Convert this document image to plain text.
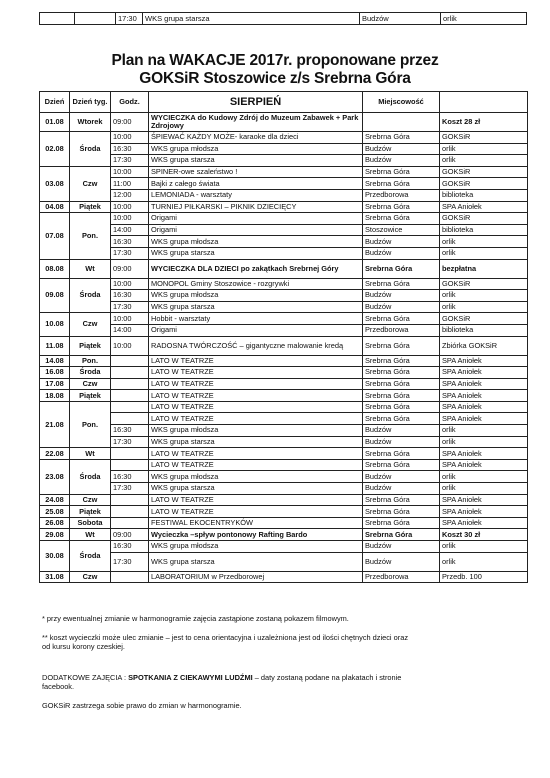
		17:30	WKS grupa starsza	Budzów	orlik
Plan na WAKACJE 2017r. proponowane przez
GOKSiR Stoszowice z/s Srebrna Góra
Dzień	Dzień tyg.	Godz.	SIERPIEŃ	Miejscowość	
01.08	Wtorek	09:00	WYCIECZKA do Kudowy Zdrój do Muzeum Zabawek + Park Zdrojowy		Koszt 28 zł
02.08	Środa	10:00	ŚPIEWAĆ KAŻDY MOŻE- karaoke dla dzieci	Srebrna Góra	GOKSiR
		16:30	WKS grupa młodsza	Budzów	orlik
		17:30	WKS grupa starsza	Budzów	orlik
03.08	Czw	10:00	SPINER-owe szaleństwo !	Srebrna Góra	GOKSiR
		11:00	Bajki z całego świata	Srebrna Góra	GOKSiR
		12:00	LEMONIADA - warsztaty	Przedborowa	biblioteka
04.08	Piątek	10:00	TURNIEJ PIŁKARSKI – PIKNIK DZIECIĘCY	Srebrna Góra	SPA Aniołek
07.08	Pon.	10:00	Origami	Srebrna Góra	GOKSiR
		14:00	Origami	Stoszowice	biblioteka
		16:30	WKS grupa młodsza	Budzów	orlik
		17:30	WKS grupa starsza	Budzów	orlik
08.08	Wt	09:00	WYCIECZKA DLA DZIECI po zakątkach Srebrnej Góry	Srebrna Góra	bezpłatna
09.08	Środa	10:00	MONOPOL Gminy Stoszowice - rozgrywki	Srebrna Góra	GOKSiR
		16:30	WKS grupa młodsza	Budzów	orlik
		17:30	WKS grupa starsza	Budzów	orlik
10.08	Czw	10:00	Hobbit - warsztaty	Srebrna Góra	GOKSiR
		14:00	Origami	Przedborowa	biblioteka
11.08	Piątek	10:00	RADOSNA TWÓRCZOŚĆ – gigantyczne malowanie kredą	Srebrna Góra	Zbiórka GOKSiR
14.08	Pon.		LATO W TEATRZE	Srebrna Góra	SPA Aniołek
16.08	Środa		LATO W TEATRZE	Srebrna Góra	SPA Aniołek
17.08	Czw		LATO W TEATRZE	Srebrna Góra	SPA Aniołek
18.08	Piątek		LATO W TEATRZE	Srebrna Góra	SPA Aniołek
21.08	Pon.		LATO W TEATRZE	Srebrna Góra	SPA Aniołek
			LATO W TEATRZE	Srebrna Góra	SPA Aniołek
		16:30	WKS grupa młodsza	Budzów	orlik
		17:30	WKS grupa starsza	Budzów	orlik
22.08	Wt		LATO W TEATRZE	Srebrna Góra	SPA Aniołek
23.08	Środa		LATO W TEATRZE	Srebrna Góra	SPA Aniołek
		16:30	WKS grupa młodsza	Budzów	orlik
		17:30	WKS grupa starsza	Budzów	orlik
24.08	Czw		LATO W TEATRZE	Srebrna Góra	SPA Aniołek
25.08	Piątek		LATO W TEATRZE	Srebrna Góra	SPA Aniołek
26.08	Sobota		FESTIWAL EKOCENTRYKÓW	Srebrna Góra	SPA Aniołek
29.08	Wt	09:00	Wycieczka –spływ pontonowy Rafting Bardo	Srebrna Góra	Koszt 30 zł
30.08	Środa	16:30	WKS grupa młodsza	Budzów	orlik
		17:30	WKS grupa starsza	Budzów	orlik
31.08	Czw		LABORATORIUM w Przedborowej	Przedborowa	Przedb. 100

* przy ewentualnej zmianie w harmonogramie zajęcia zastąpione zostaną pokazem filmowym.

** koszt wycieczki może ulec zmianie – jest to cena orientacyjna i uzależniona jest od ilości chętnych dzieci oraz

od kursu korony czeskiej.

DODATKOWE ZAJĘCIA : SPOTKANIA Z CIEKAWYMI LUDŹMI – daty zostaną podane na plakatach i stronie

facebook.

GOKSiR zastrzega sobie prawo do zmian w harmonogramie.
